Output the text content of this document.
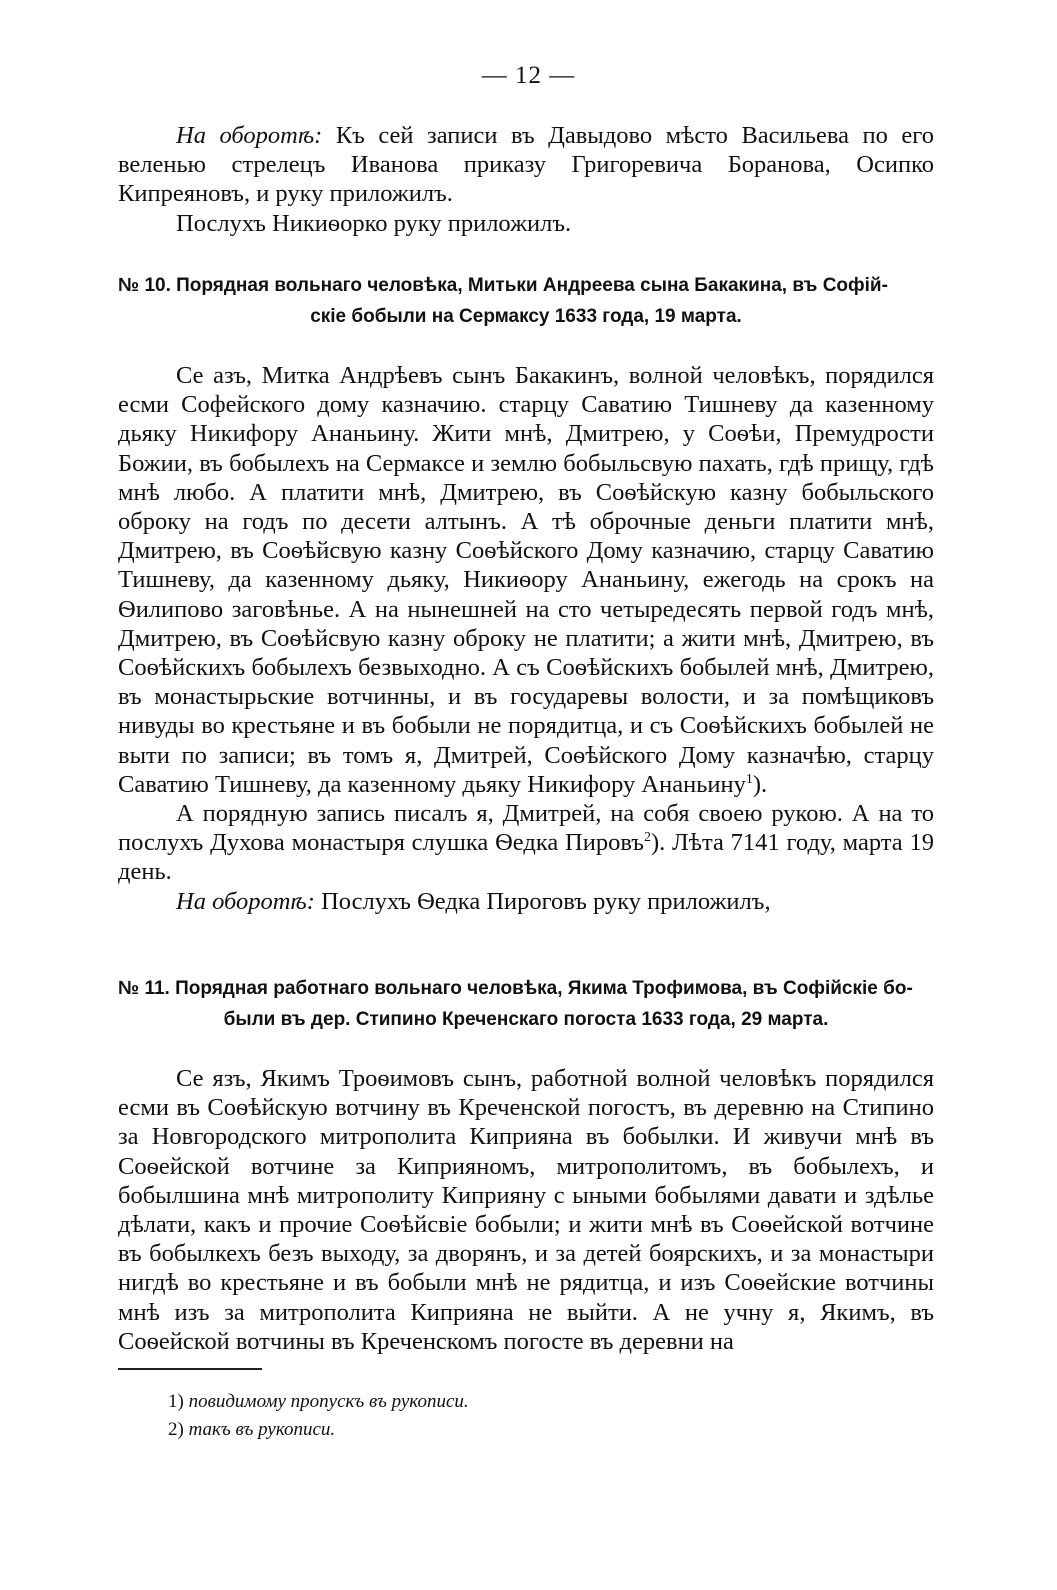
— 12 —

На оборотѣ: Къ сей записи въ Давыдово мѣсто Васильева по его веленью стрелецъ Иванова приказу Григоревича Боранова, Осипко Кипреяновъ, и руку приложилъ.

Послухъ Никиѳорко руку приложилъ.

№ 10. Порядная вольнаго человѣка, Митьки Андреева сына Бакакина, въ Софій-
скіе бобыли на Сермаксу 1633 года, 19 марта.

Се азъ, Митка Андрѣевъ сынъ Бакакинъ, волной человѣкъ, порядился есми Софейского дому казначию. старцу Саватию Тишневу да казенному дьяку Никифору Ананьину. Жити мнѣ, Дмитрею, у Соѳѣи, Премудрости Божии, въ бобылехъ на Сермаксе и землю бобыльсвую пахать, гдѣ прищу, гдѣ мнѣ любо. А платити мнѣ, Дмитрею, въ Соѳѣйскую казну бобыльского оброку на годъ по десети алтынъ. А тѣ оброчные деньги платити мнѣ, Дмитрею, въ Соѳѣйсвую казну Соѳѣйского Дому казначию, старцу Саватию Тишневу, да казенному дьяку, Никиѳору Ананьину, ежегодь на срокъ на Ѳилипово заговѣнье. А на нынешней на сто четыредесять первой годъ мнѣ, Дмитрею, въ Соѳѣйсвую казну оброку не платити; а жити мнѣ, Дмитрею, въ Соѳѣйскихъ бобылехъ безвыходно. А съ Соѳѣйскихъ бобылей мнѣ, Дмитрею, въ монастырьские вотчинны, и въ государевы волости, и за помѣщиковъ нивуды во крестьяне и въ бобыли не порядитца, и съ Соѳѣйскихъ бобылей не выти по записи; въ томъ я, Дмитрей, Соѳѣйского Дому казначѣю, старцу Саватию Тишневу, да казенному дьяку Никифору Ананьину$^1$).

А порядную запись писалъ я, Дмитрей, на собя своею рукою. А на то послухъ Духова монастыря слушка Ѳедка Пировъ$^2$). Лѣта 7141 году, марта 19 день.

На оборотѣ: Послухъ Ѳедка Пироговъ руку приложилъ,

№ 11. Порядная работнаго вольнаго человѣка, Якима Трофимова, въ Софійскіе бо-
были въ дер. Стипино Креченскаго погоста 1633 года, 29 марта.

Се язъ, Якимъ Троѳимовъ сынъ, работной волной человѣкъ порядился есми въ Соѳѣйскую вотчину въ Креченской погостъ, въ деревню на Стипино за Новгородского митрополита Киприяна въ бобылки. И живучи мнѣ въ Соѳейской вотчине за Киприяномъ, митрополитомъ, въ бобылехъ, и бобылшина мнѣ митрополиту Киприяну с ыными бобылями давати и здѣлье дѣлати, какъ и прочие Соѳѣйсвіе бобыли; и жити мнѣ въ Соѳейской вотчине въ бобылкехъ безъ выходу, за дворянъ, и за детей боярскихъ, и за монастыри нигдѣ во крестьяне и въ бобыли мнѣ не рядитца, и изъ Соѳейские вотчины мнѣ изъ за митрополита Киприяна не выйти. А не учну я, Якимъ, въ Соѳейской вотчины въ Креченскомъ погосте въ деревни на

1) повидимому пропускъ въ рукописи.
2) такъ въ рукописи.
